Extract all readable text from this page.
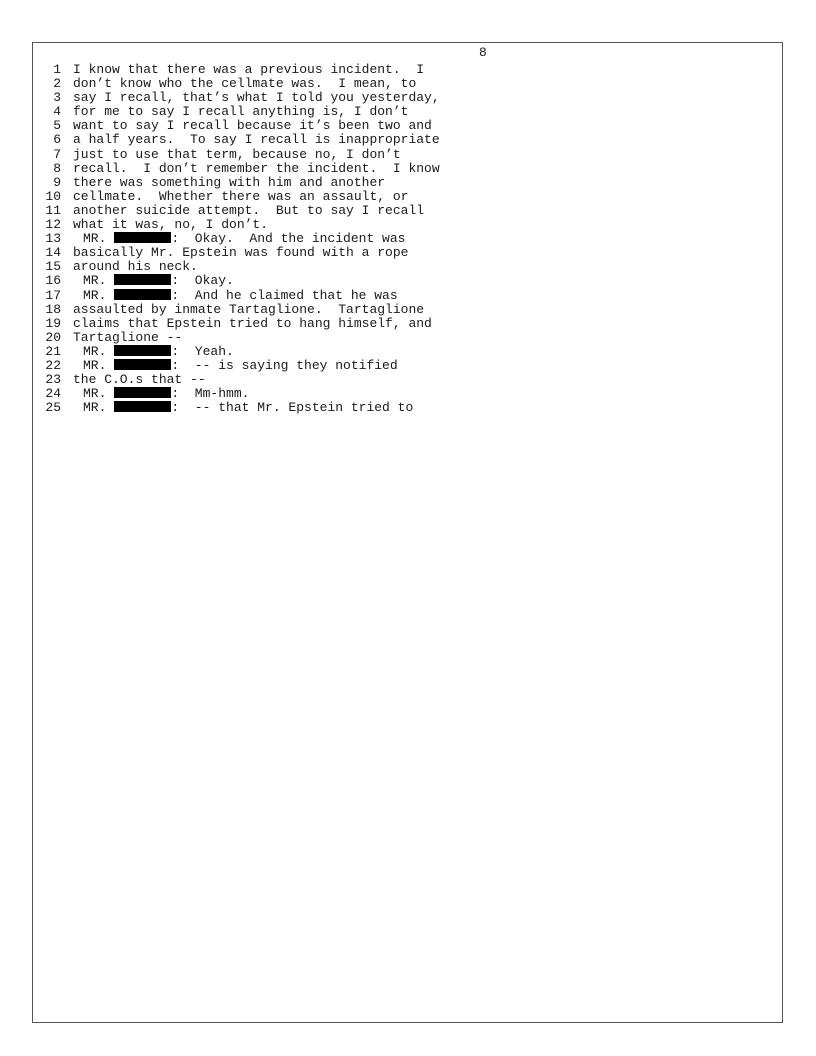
8
1 I know that there was a previous incident.  I
2 don’t know who the cellmate was.  I mean, to
3 say I recall, that’s what I told you yesterday,
4 for me to say I recall anything is, I don’t
5 want to say I recall because it’s been two and
6 a half years.  To say I recall is inappropriate
7 just to use that term, because no, I don’t
8 recall.  I don’t remember the incident.  I know
9 there was something with him and another
10 cellmate.  Whether there was an assault, or
11 another suicide attempt.  But to say I recall
12 what it was, no, I don’t.
13	MR.	:  Okay.  And the incident was
14 basically Mr. Epstein was found with a rope
15 around his neck.
16	MR.	:  Okay.
17	MR.	:  And he claimed that he was
18 assaulted by inmate Tartaglione.  Tartaglione
19 claims that Epstein tried to hang himself, and
20 Tartaglione --
21	MR.	:  Yeah.
22	MR.	:  -- is saying they notified
23 the C.O.s that --
24	MR.	:  Mm-hmm.
25	MR.	:  -- that Mr. Epstein tried to
